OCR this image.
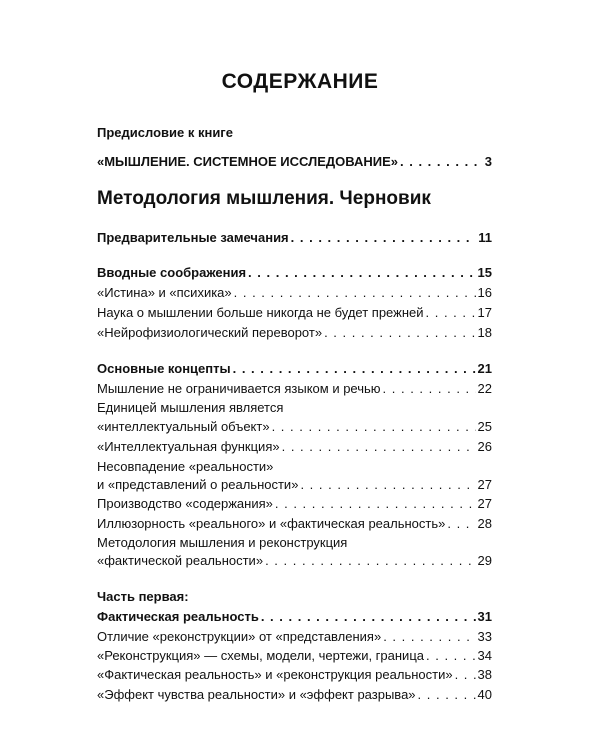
СОДЕРЖАНИЕ
Предисловие к книге
«МЫШЛЕНИЕ. СИСТЕМНОЕ ИССЛЕДОВАНИЕ» . . .	3
Методология мышления. Черновик
Предварительные замечания . . .	11
Вводные соображения . . .	15
«Истина» и «психика» . . .	16
Наука о мышлении больше никогда не будет прежней . . .	17
«Нейрофизиологический переворот» . . .	18
Основные концепты . . .	21
Мышление не ограничивается языком и речью . . .	22
Единицей мышления является
«интеллектуальный объект» . . .	25
«Интеллектуальная функция» . . .	26
Несовпадение «реальности»
и «представлений о реальности» . . .	27
Производство «содержания» . . .	27
Иллюзорность «реального» и «фактическая реальность» . . . 28
Методология мышления и реконструкция
«фактической реальности» . . .	29
Часть первая:
Фактическая реальность . . .	31
Отличие «реконструкции» от «представления» . . .	33
«Реконструкция» — схемы, модели, чертежи, граница . . .	34
«Фактическая реальность» и «реконструкция реальности» . . . 38
«Эффект чувства реальности» и «эффект разрыва» . . .	40
